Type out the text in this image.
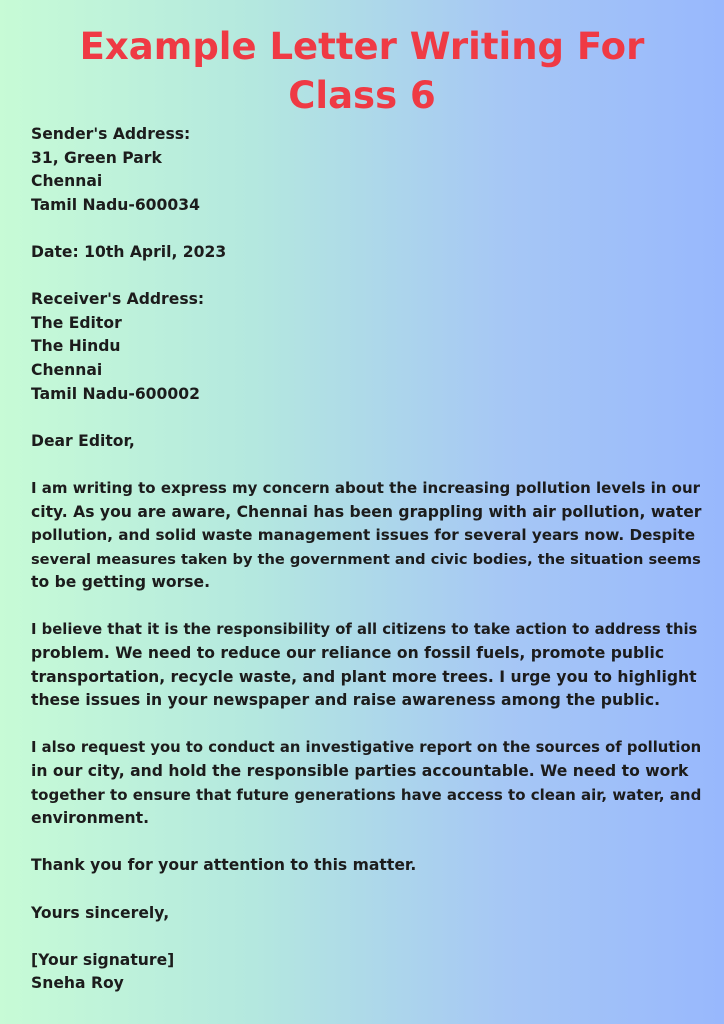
Example Letter Writing For
Class 6
Sender's Address:
31, Green Park
Chennai
Tamil Nadu-600034
Date: 10th April, 2023
Receiver's Address:
The Editor
The Hindu
Chennai
Tamil Nadu-600002
Dear Editor,
I am writing to express my concern about the increasing pollution levels in our
city. As you are aware, Chennai has been grappling with air pollution, water
pollution, and solid waste management issues for several years now. Despite
several measures taken by the government and civic bodies, the situation seems
to be getting worse.
I believe that it is the responsibility of all citizens to take action to address this
problem. We need to reduce our reliance on fossil fuels, promote public
transportation, recycle waste, and plant more trees. I urge you to highlight
these issues in your newspaper and raise awareness among the public.
I also request you to conduct an investigative report on the sources of pollution
in our city, and hold the responsible parties accountable. We need to work
together to ensure that future generations have access to clean air, water, and
environment.
Thank you for your attention to this matter.
Yours sincerely,
[Your signature]
Sneha Roy
